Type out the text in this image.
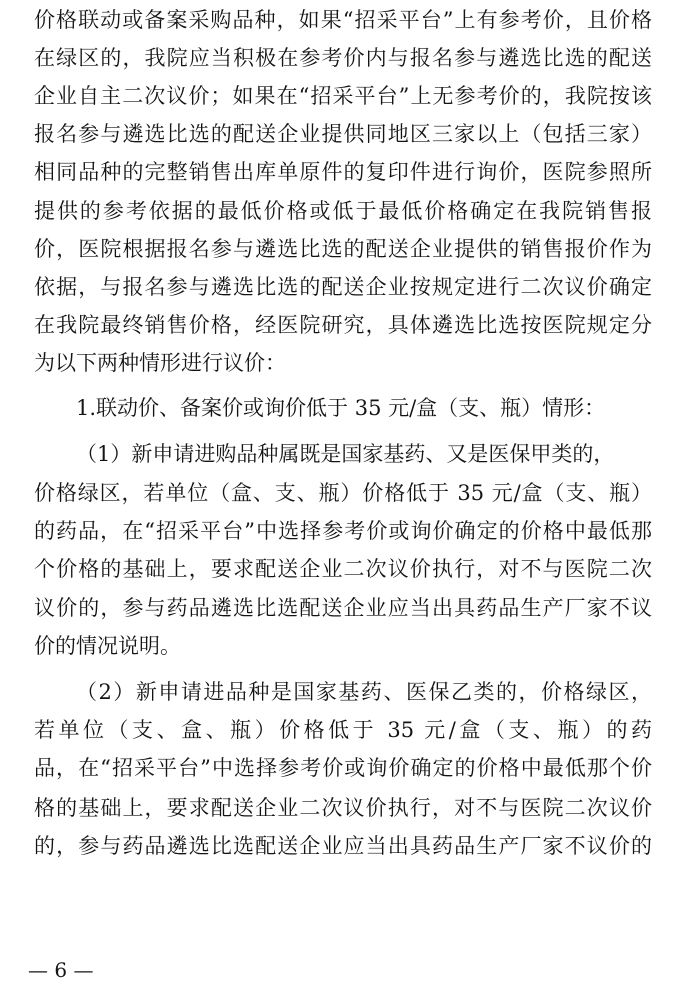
价格联动或备案采购品种，如果“招采平台”上有参考价，且价格
在绿区的，我院应当积极在参考价内与报名参与遴选比选的配送
企业自主二次议价；如果在“招采平台”上无参考价的，我院按该
报名参与遴选比选的配送企业提供同地区三家以上（包括三家）
相同品种的完整销售出库单原件的复印件进行询价，医院参照所
提供的参考依据的最低价格或低于最低价格确定在我院销售报
价，医院根据报名参与遴选比选的配送企业提供的销售报价作为
依据，与报名参与遴选比选的配送企业按规定进行二次议价确定
在我院最终销售价格，经医院研究，具体遴选比选按医院规定分
为以下两种情形进行议价：
1.联动价、备案价或询价低于 35 元/盒（支、瓶）情形：
（1）新申请进购品种属既是国家基药、又是医保甲类的，
价格绿区，若单位（盒、支、瓶）价格低于 35 元/盒（支、瓶）
的药品，在“招采平台”中选择参考价或询价确定的价格中最低那
个价格的基础上，要求配送企业二次议价执行，对不与医院二次
议价的，参与药品遴选比选配送企业应当出具药品生产厂家不议
价的情况说明。
（2）新申请进品种是国家基药、医保乙类的，价格绿区，
若单位（支、盒、瓶）价格低于 35 元/盒（支、瓶）的药
品，在“招采平台”中选择参考价或询价确定的价格中最低那个价
格的基础上，要求配送企业二次议价执行，对不与医院二次议价
的，参与药品遴选比选配送企业应当出具药品生产厂家不议价的
— 6 —
